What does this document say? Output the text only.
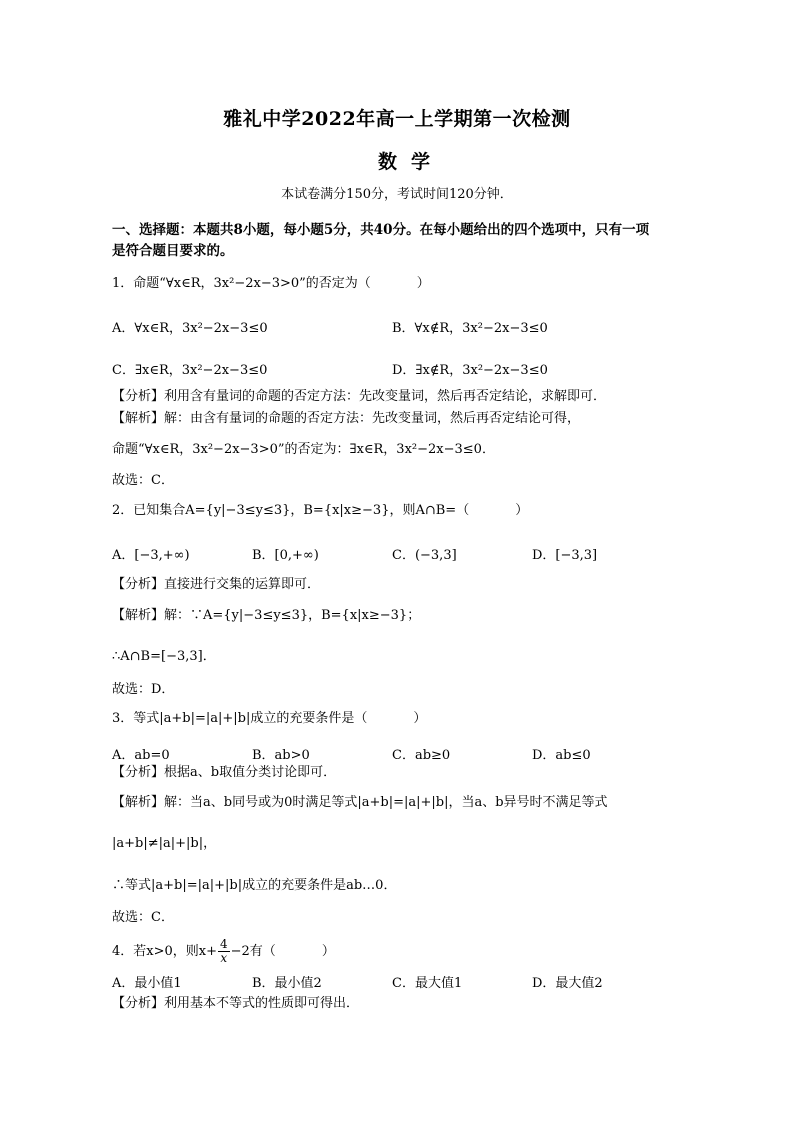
雅礼中学2022年高一上学期第一次检测
数学
本试卷满分150分，考试时间120分钟．
一、选择题：本题共8小题，每小题5分，共40分。在每小题给出的四个选项中，只有一项
是符合题目要求的。
1．命题“∀x∈R，3x²−2x−3>0”的否定为（	）
A．∀x∈R，3x²−2x−3≤0	B．∀x∉R，3x²−2x−3≤0
C．∃x∈R，3x²−2x−3≤0	D．∃x∉R，3x²−2x−3≤0
【分析】利用含有量词的命题的否定方法：先改变量词，然后再否定结论，求解即可．
【解析】解：由含有量词的命题的否定方法：先改变量词，然后再否定结论可得，
命题“∀x∈R，3x²−2x−3>0”的否定为：∃x∈R，3x²−2x−3≤0．
故选：C．
2．已知集合A={y|−3≤y≤3}，B={x|x≥−3}，则A∩B=（	）
A．[−3,+∞)	B．[0,+∞)	C．(−3,3]	D．[−3,3]
【分析】直接进行交集的运算即可．
【解析】解：∵A={y|−3≤y≤3}，B={x|x≥−3}；
∴A∩B=[−3,3]．
故选：D．
3．等式|a+b|=|a|+|b|成立的充要条件是（	）
A．ab=0	B．ab>0	C．ab≥0	D．ab≤0
【分析】根据a、b取值分类讨论即可．
【解析】解：当a、b同号或为0时满足等式|a+b|=|a|+|b|，当a、b异号时不满足等式
|a+b|≠|a|+|b|，
∴等式|a+b|=|a|+|b|成立的充要条件是ab…0．
故选：C．
4．若x>0，则$x+ \frac{4}{x} -2$有（	）
A．最小值1	B．最小值2	C．最大值1	D．最大值2
【分析】利用基本不等式的性质即可得出．
